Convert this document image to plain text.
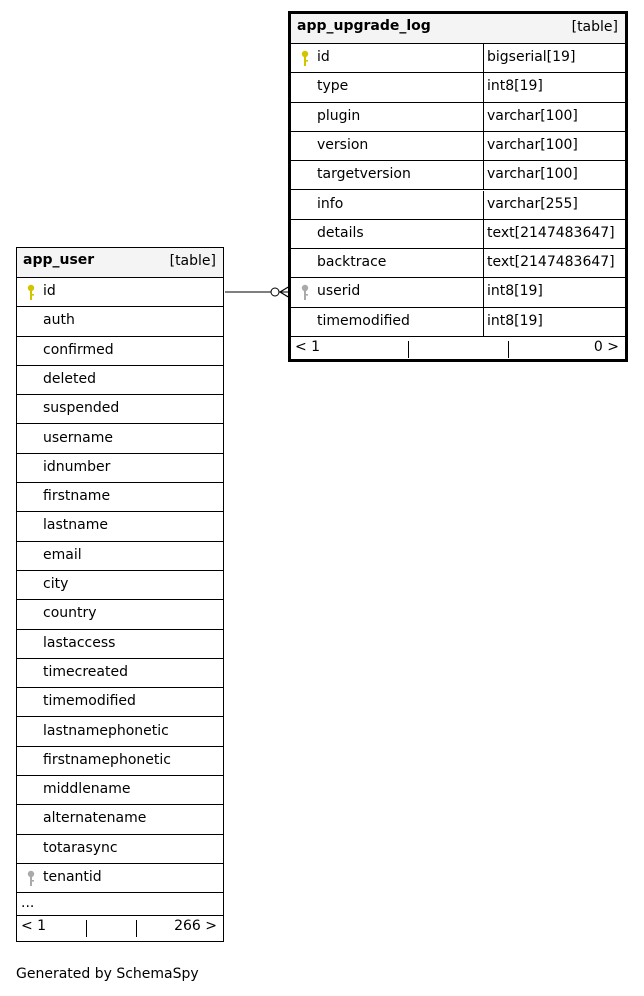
app_user	[table]
id
auth
confirmed
deleted
suspended
username
idnumber
firstname
lastname
email
city
country
lastaccess
timecreated
timemodified
lastnamephonetic
firstnamephonetic
middlename
alternatename
totarasync
tenantid
...
< 1	266 >
app_upgrade_log	[table]
id	bigserial[19]
type	int8[19]
plugin	varchar[100]
version	varchar[100]
targetversion	varchar[100]
info	varchar[255]
details	text[2147483647]
backtrace	text[2147483647]
userid	int8[19]
timemodified	int8[19]
< 1	0 >
Generated by SchemaSpy
